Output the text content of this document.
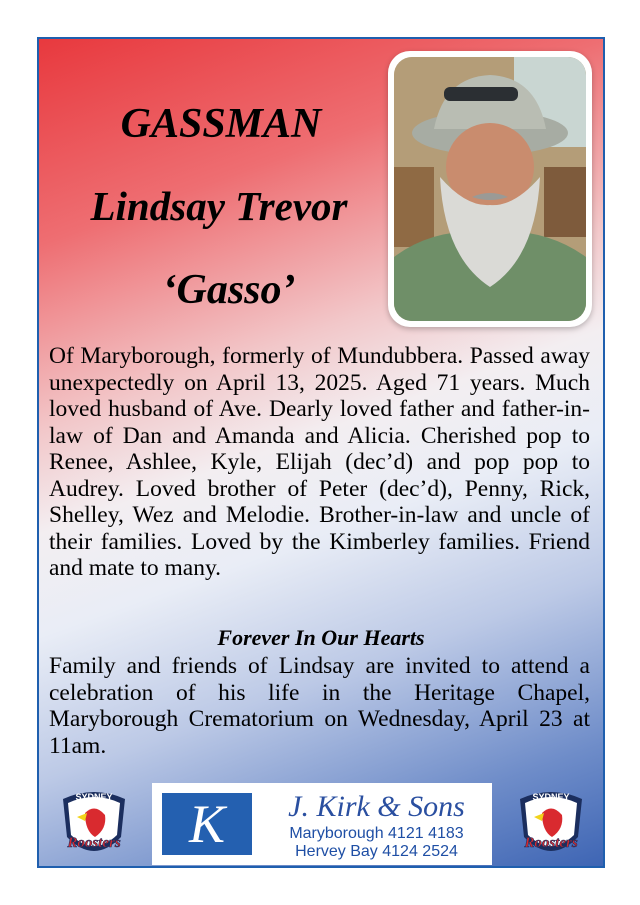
GASSMAN
Lindsay Trevor
‘Gasso’
Of Maryborough, formerly of Mundubbera. Passed away unexpectedly on April 13, 2025. Aged 71 years. Much loved husband of Ave. Dearly loved father and father-in-law of Dan and Amanda and Alicia. Cherished pop to Renee, Ashlee, Kyle, Elijah (dec’d) and pop pop to Audrey. Loved brother of Peter (dec’d), Penny, Rick, Shelley, Wez and Melodie. Brother-in-law and uncle of their families. Loved by the Kimberley families. Friend and mate to many.
Forever In Our Hearts
Family and friends of Lindsay are invited to attend a celebration of his life in the Heritage Chapel, Maryborough Crematorium on Wednesday, April 23 at 11am.
SYDNEY
Roosters	K	J. Kirk & Sons
Maryborough 4121 4183
Hervey Bay 4124 2524
SYDNEY
Roosters
